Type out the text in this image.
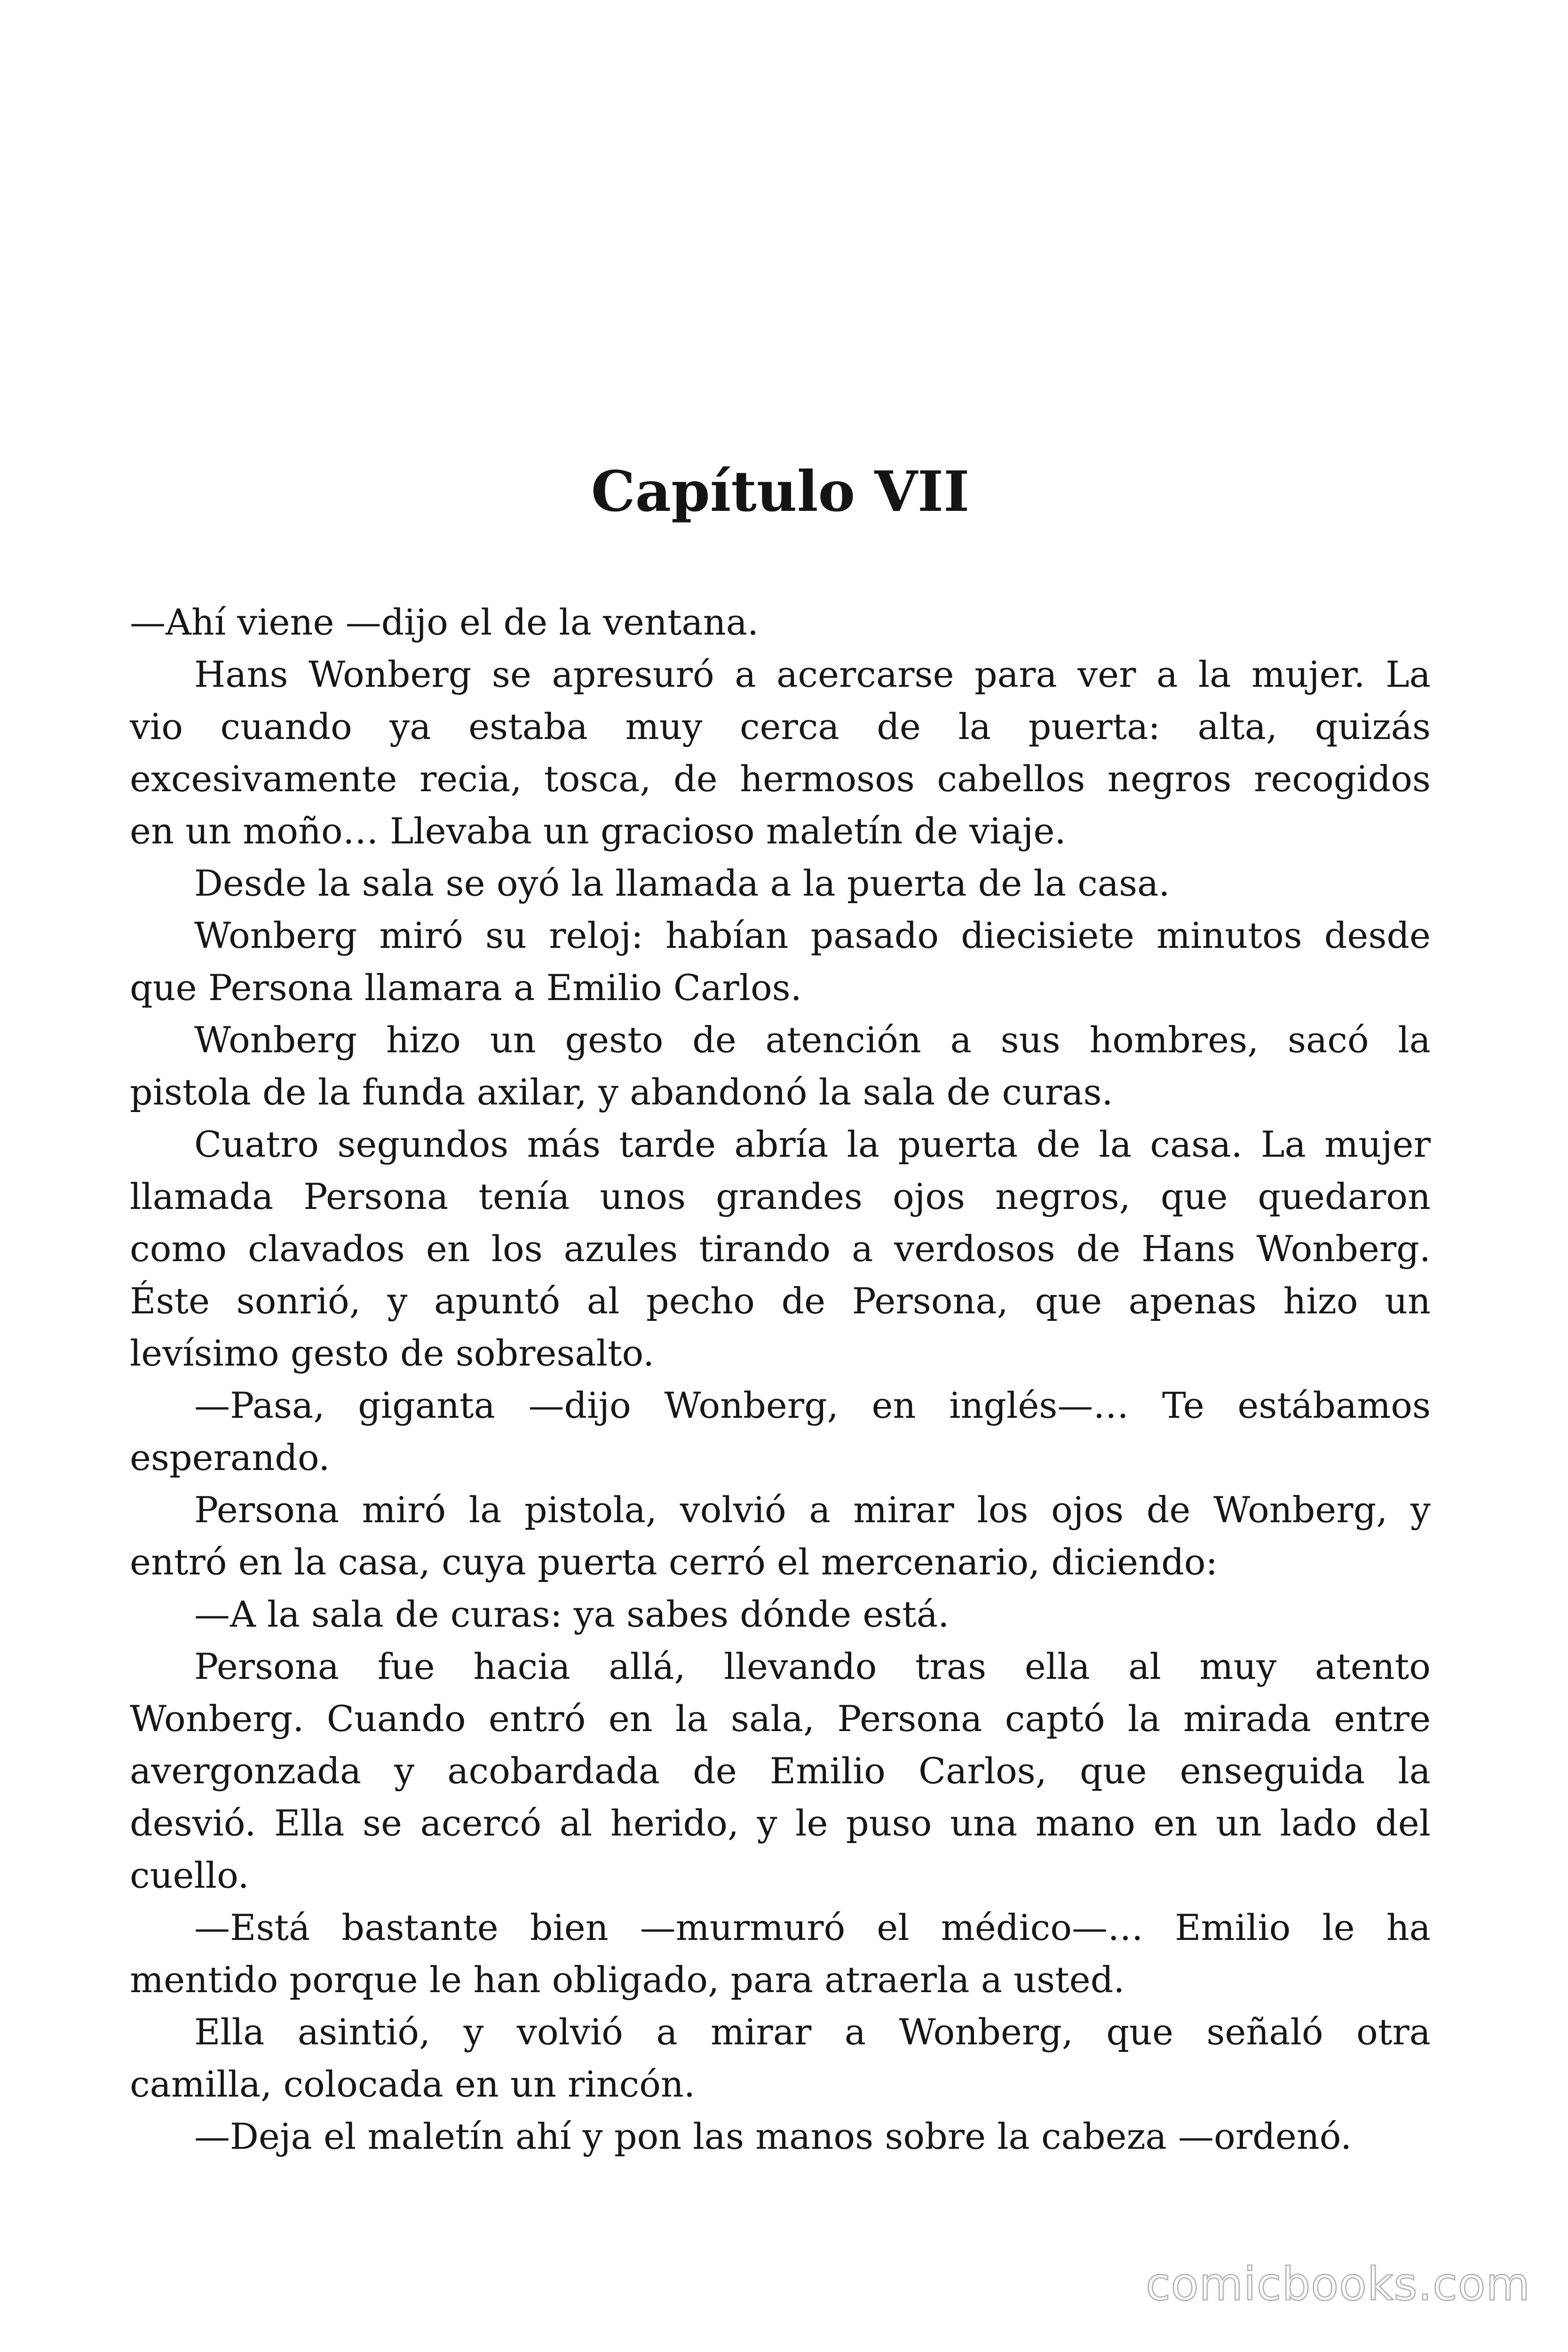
Capítulo VII
—Ahí viene —dijo el de la ventana.
Hans Wonberg se apresuró a acercarse para ver a la mujer. La
vio cuando ya estaba muy cerca de la puerta: alta, quizás
excesivamente recia, tosca, de hermosos cabellos negros recogidos
en un moño… Llevaba un gracioso maletín de viaje.
Desde la sala se oyó la llamada a la puerta de la casa.
Wonberg miró su reloj: habían pasado diecisiete minutos desde
que Persona llamara a Emilio Carlos.
Wonberg hizo un gesto de atención a sus hombres, sacó la
pistola de la funda axilar, y abandonó la sala de curas.
Cuatro segundos más tarde abría la puerta de la casa. La mujer
llamada Persona tenía unos grandes ojos negros, que quedaron
como clavados en los azules tirando a verdosos de Hans Wonberg.
Éste sonrió, y apuntó al pecho de Persona, que apenas hizo un
levísimo gesto de sobresalto.
—Pasa, giganta —dijo Wonberg, en inglés—… Te estábamos
esperando.
Persona miró la pistola, volvió a mirar los ojos de Wonberg, y
entró en la casa, cuya puerta cerró el mercenario, diciendo:
—A la sala de curas: ya sabes dónde está.
Persona fue hacia allá, llevando tras ella al muy atento
Wonberg. Cuando entró en la sala, Persona captó la mirada entre
avergonzada y acobardada de Emilio Carlos, que enseguida la
desvió. Ella se acercó al herido, y le puso una mano en un lado del
cuello.
—Está bastante bien —murmuró el médico—… Emilio le ha
mentido porque le han obligado, para atraerla a usted.
Ella asintió, y volvió a mirar a Wonberg, que señaló otra
camilla, colocada en un rincón.
—Deja el maletín ahí y pon las manos sobre la cabeza —ordenó.
comicbooks.com
